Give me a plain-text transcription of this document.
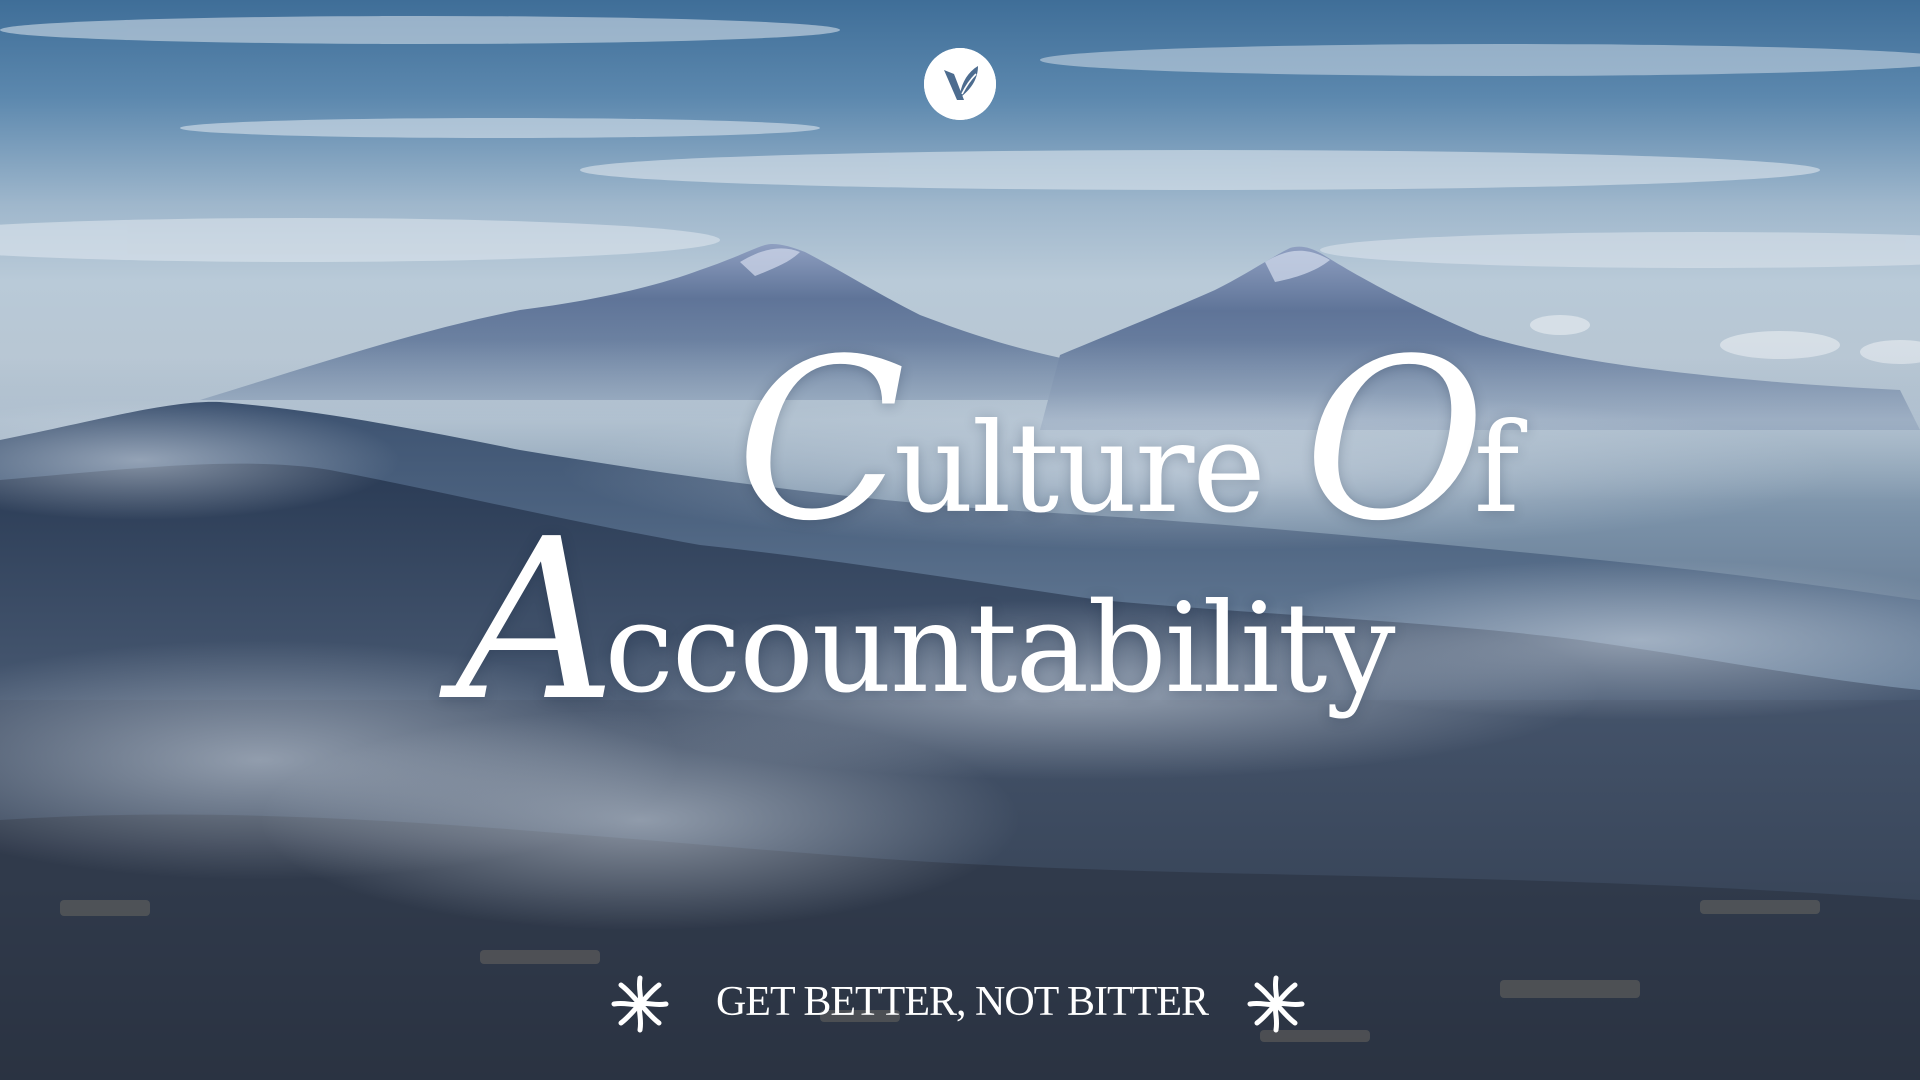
Culture Of
Accountability
GET BETTER, NOT BITTER
